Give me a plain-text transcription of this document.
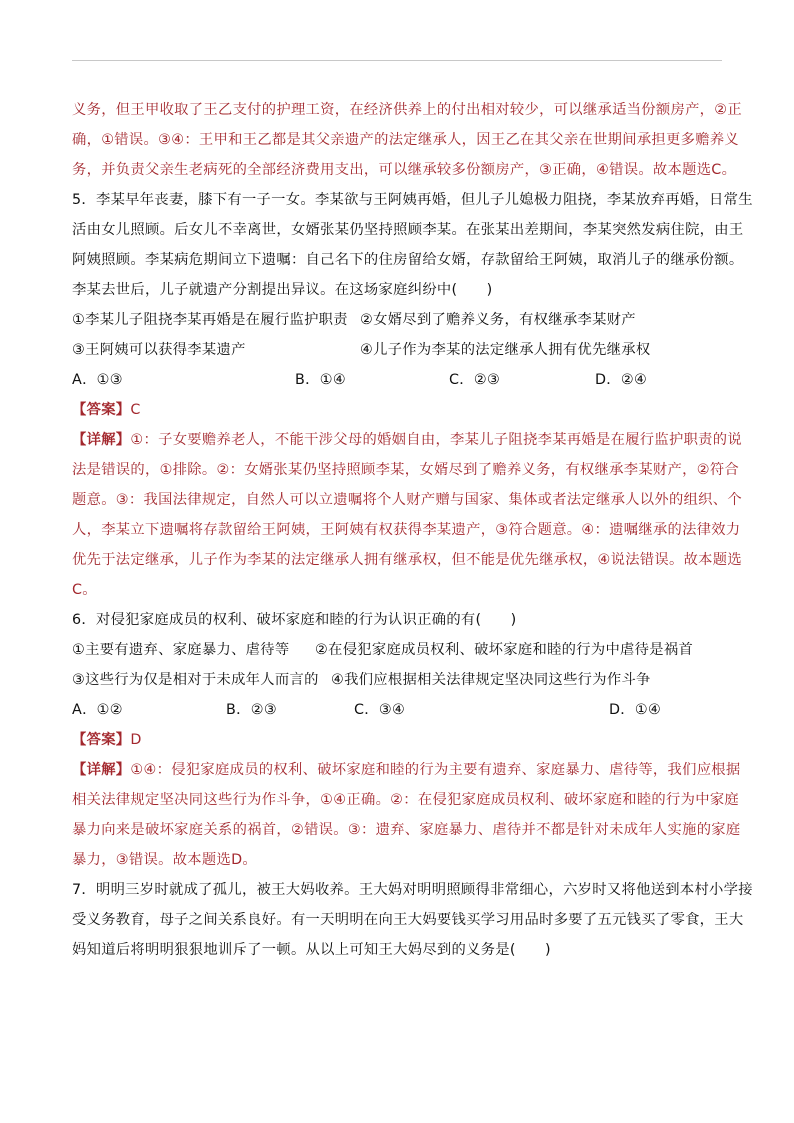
义务，但王甲收取了王乙支付的护理工资，在经济供养上的付出相对较少，可以继承适当份额房产，②正
确，①错误。③④：王甲和王乙都是其父亲遗产的法定继承人，因王乙在其父亲在世期间承担更多赡养义
务，并负责父亲生老病死的全部经济费用支出，可以继承较多份额房产，③正确，④错误。故本题选C。
5．李某早年丧妻，膝下有一子一女。李某欲与王阿姨再婚，但儿子儿媳极力阻挠，李某放弃再婚，日常生
活由女儿照顾。后女儿不幸离世，女婿张某仍坚持照顾李某。在张某出差期间，李某突然发病住院，由王
阿姨照顾。李某病危期间立下遗嘱：自己名下的住房留给女婿，存款留给王阿姨，取消儿子的继承份额。
李某去世后，儿子就遗产分割提出异议。在这场家庭纠纷中(　　)
①李某儿子阻挠李某再婚是在履行监护职责 ②女婿尽到了赡养义务，有权继承李某财产
③王阿姨可以获得李某遗产	④儿子作为李某的法定继承人拥有优先继承权
A．①③	B．①④	C．②③	D．②④
【答案】C
【详解】①：子女要赡养老人，不能干涉父母的婚姻自由，李某儿子阻挠李某再婚是在履行监护职责的说
法是错误的，①排除。②：女婿张某仍坚持照顾李某，女婿尽到了赡养义务，有权继承李某财产，②符合
题意。③：我国法律规定，自然人可以立遗嘱将个人财产赠与国家、集体或者法定继承人以外的组织、个
人，李某立下遗嘱将存款留给王阿姨，王阿姨有权获得李某遗产，③符合题意。④：遗嘱继承的法律效力
优先于法定继承，儿子作为李某的法定继承人拥有继承权，但不能是优先继承权，④说法错误。故本题选
C。
6．对侵犯家庭成员的权利、破坏家庭和睦的行为认识正确的有(　　)
①主要有遗弃、家庭暴力、虐待等	②在侵犯家庭成员权利、破坏家庭和睦的行为中虐待是祸首
③这些行为仅是相对于未成年人而言的 ④我们应根据相关法律规定坚决同这些行为作斗争
A．①②	B．②③	C．③④	D．①④
【答案】D
【详解】①④：侵犯家庭成员的权利、破坏家庭和睦的行为主要有遗弃、家庭暴力、虐待等，我们应根据
相关法律规定坚决同这些行为作斗争，①④正确。②：在侵犯家庭成员权利、破坏家庭和睦的行为中家庭
暴力向来是破坏家庭关系的祸首，②错误。③：遗弃、家庭暴力、虐待并不都是针对未成年人实施的家庭
暴力，③错误。故本题选D。
7．明明三岁时就成了孤儿，被王大妈收养。王大妈对明明照顾得非常细心，六岁时又将他送到本村小学接
受义务教育，母子之间关系良好。有一天明明在向王大妈要钱买学习用品时多要了五元钱买了零食，王大
妈知道后将明明狠狠地训斥了一顿。从以上可知王大妈尽到的义务是(　　)
